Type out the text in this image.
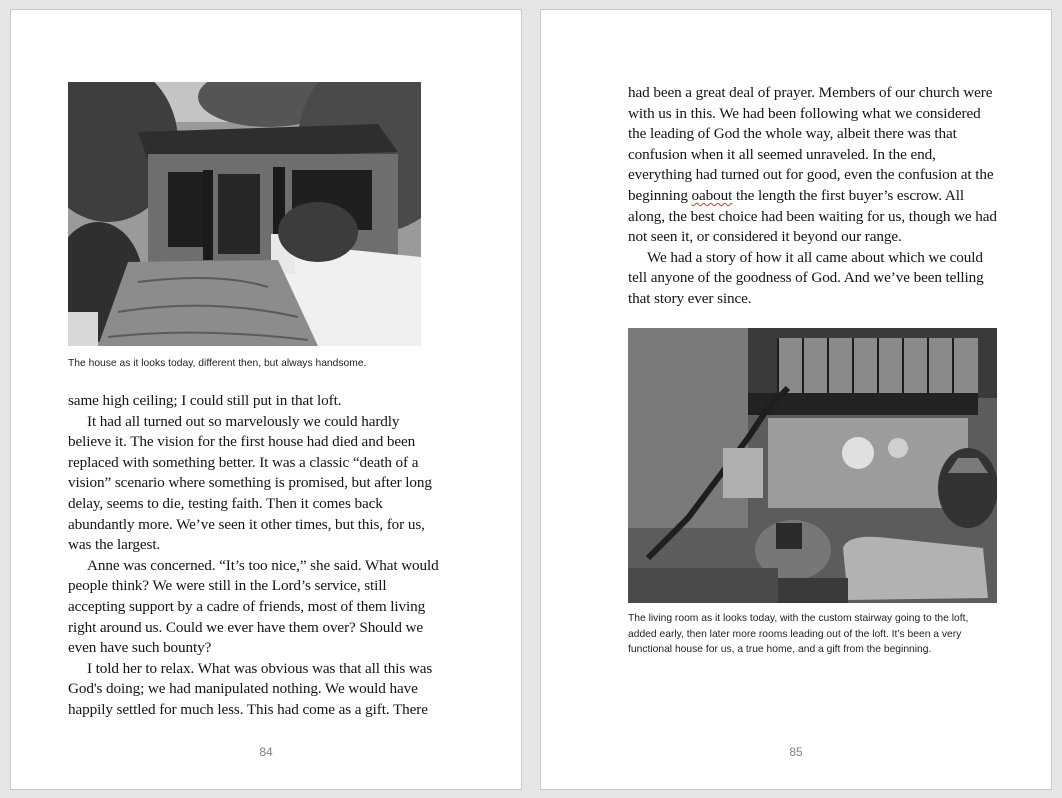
The house as it looks today, different then, but always handsome.

same high ceiling; I could still put in that loft.

It had all turned out so marvelously we could hardly believe it. The vision for the first house had died and been replaced with something better. It was a classic “death of a vision” scenario where something is promised, but after long delay, seems to die, testing faith. Then it comes back abundantly more. We’ve seen it other times, but this, for us, was the largest.

Anne was concerned. “It’s too nice,” she said. What would people think? We were still in the Lord’s service, still accepting support by a cadre of friends, most of them living right around us. Could we ever have them over? Should we even have such bounty?

I told her to relax. What was obvious was that all this was God's doing; we had manipulated nothing. We would have happily settled for much less. This had come as a gift. There

84

had been a great deal of prayer. Members of our church were with us in this. We had been following what we considered the leading of God the whole way, albeit there was that confusion when it all seemed unraveled. In the end, everything had turned out for good, even the confusion at the beginning oabout the length the first buyer’s escrow. All along, the best choice had been waiting for us, though we had not seen it, or considered it beyond our range.

We had a story of how it all came about which we could tell anyone of the goodness of God. And we’ve been telling that story ever since.

The living room as it looks today, with the custom stairway going to the loft, added early, then later more rooms leading out of the loft. It’s been a very functional house for us, a true home, and a gift from the beginning.
85
